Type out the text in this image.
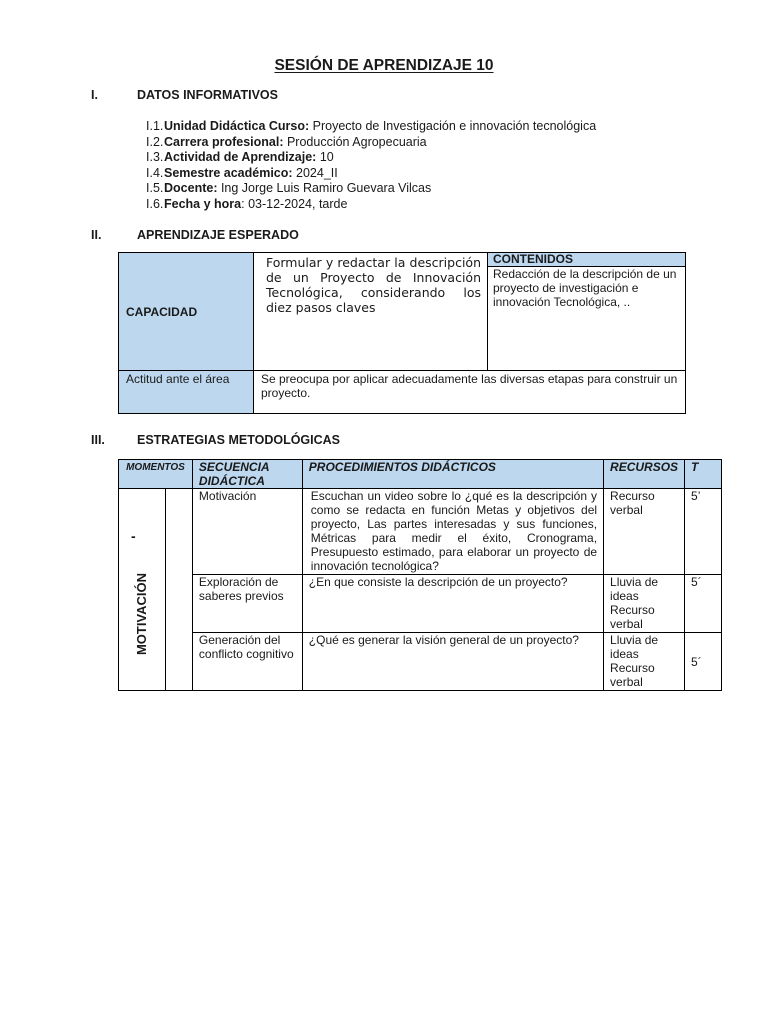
SESIÓN DE APRENDIZAJE 10
I.	DATOS INFORMATIVOS
I.1.Unidad Didáctica Curso: Proyecto de Investigación e innovación tecnológica
I.2.Carrera profesional: Producción Agropecuaria
I.3.Actividad de Aprendizaje: 10
I.4.Semestre académico: 2024_II
I.5.Docente: Ing Jorge Luis Ramiro Guevara Vilcas
I.6.Fecha y hora: 03-12-2024, tarde
II.	APRENDIZAJE ESPERADO
CAPACIDAD	Formular y redactar la descripción de un Proyecto de Innovación Tecnológica, considerando los diez pasos claves	CONTENIDOS
		Redacción de la descripción de un proyecto de investigación e innovación Tecnológica, ..
Actitud ante el área	Se preocupa por aplicar adecuadamente las diversas etapas para construir un proyecto.	
III.	ESTRATEGIAS METODOLÓGICAS
MOMENTOS		SECUENCIA DIDÁCTICA	PROCEDIMIENTOS DIDÁCTICOS	RECURSOS	T

-
MOTIVACIÓN		Motivación	Escuchan un video sobre lo ¿qué es la descripción y como se redacta en función Metas y objetivos del proyecto, Las partes interesadas y sus funciones, Métricas para medir el éxito, Cronograma, Presupuesto estimado, para elaborar un proyecto de innovación tecnológica?	Recurso verbal	5’
		Exploración de saberes previos	¿En que consiste la descripción de un proyecto?	Lluvia de ideas Recurso verbal	5´
		Generación del conflicto cognitivo	¿Qué es generar la visión general de un proyecto?	Lluvia de ideas Recurso verbal	5´
